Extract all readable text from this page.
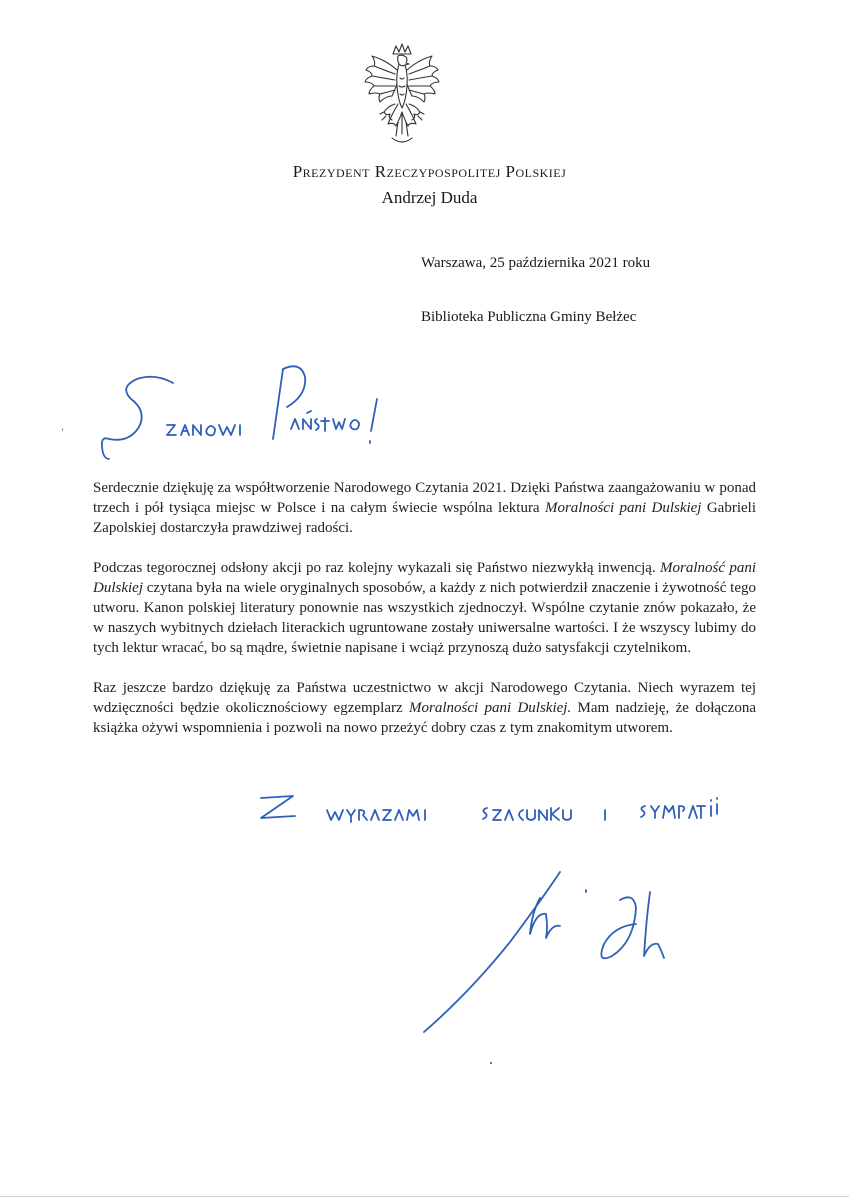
Prezydent Rzeczypospolitej Polskiej
Andrzej Duda
Warszawa, 25 października 2021 roku
Biblioteka Publiczna Gminy Bełżec

Serdecznie dziękuję za współtworzenie Narodowego Czytania 2021. Dzięki Państwa zaangażowaniu w ponad trzech i pół tysiąca miejsc w Polsce i na całym świecie wspólna lektura Moralności pani Dulskiej Gabrieli Zapolskiej dostarczyła prawdziwej radości.

Podczas tegorocznej odsłony akcji po raz kolejny wykazali się Państwo niezwykłą inwencją. Moralność pani Dulskiej czytana była na wiele oryginalnych sposobów, a każdy z nich potwierdził znaczenie i żywotność tego utworu. Kanon polskiej literatury ponownie nas wszystkich zjednoczył. Wspólne czytanie znów pokazało, że w naszych wybitnych dziełach literackich ugruntowane zostały uniwersalne wartości. I że wszyscy lubimy do tych lektur wracać, bo są mądre, świetnie napisane i wciąż przynoszą dużo satysfakcji czytelnikom.

Raz jeszcze bardzo dziękuję za Państwa uczestnictwo w akcji Narodowego Czytania. Niech wyrazem tej wdzięczności będzie okolicznościowy egzemplarz Moralności pani Dulskiej. Mam nadzieję, że dołączona książka ożywi wspomnienia i pozwoli na nowo przeżyć dobry czas z tym znakomitym utworem.
